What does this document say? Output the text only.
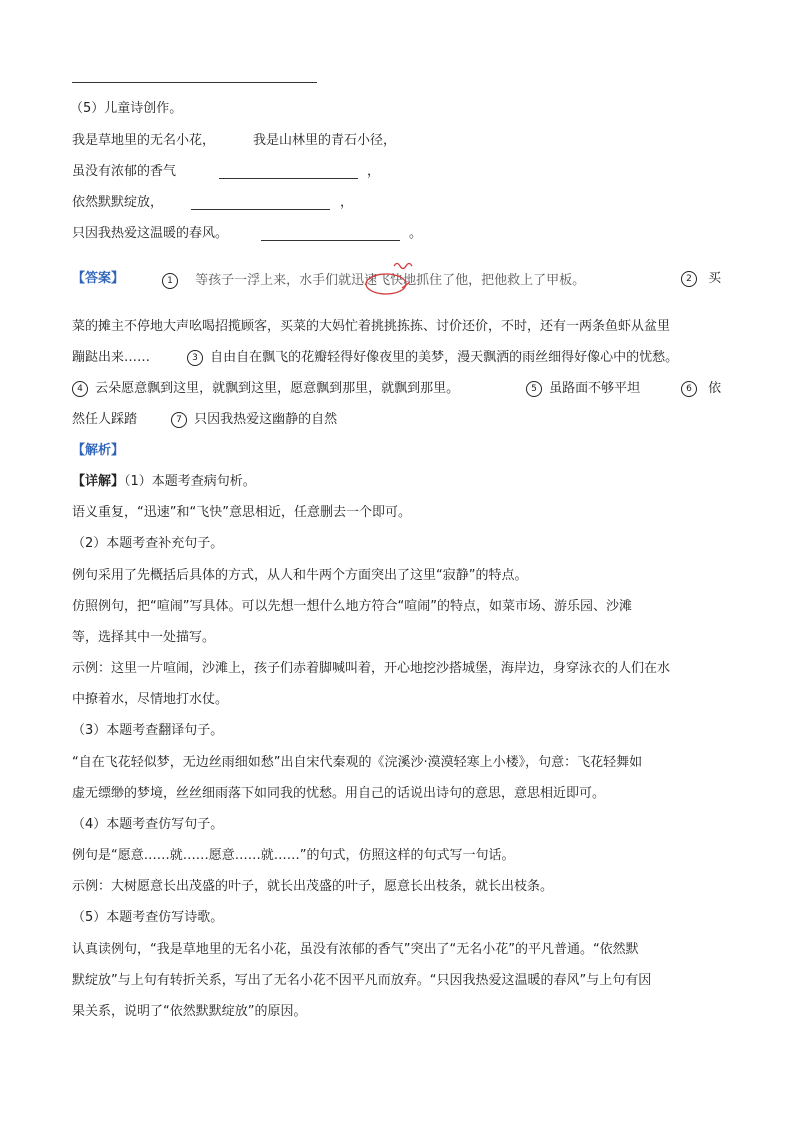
（5）儿童诗创作。
我是草地里的无名小花，	我是山林里的青石小径，
虽没有浓郁的香气	，
依然默默绽放，	，
只因我热爱这温暖的春风。	。
【答案】	1 等孩子一浮上来，水手们就迅速飞快地抓住了他，把他救上了甲板。	2 买
菜的摊主不停地大声吆喝招揽顾客，买菜的大妈忙着挑挑拣拣、讨价还价，不时，还有一两条鱼虾从盆里
蹦跶出来……	3 自由自在飘飞的花瓣轻得好像夜里的美梦，漫天飘洒的雨丝细得好像心中的忧愁。
4 云朵愿意飘到这里，就飘到这里，愿意飘到那里，就飘到那里。	5 虽路面不够平坦	6 依
然任人踩踏	7 只因我热爱这幽静的自然
【解析】
【详解】（1）本题考查病句析。
语义重复，“迅速”和“飞快”意思相近，任意删去一个即可。
（2）本题考查补充句子。
例句采用了先概括后具体的方式，从人和牛两个方面突出了这里“寂静”的特点。
仿照例句，把“喧闹”写具体。可以先想一想什么地方符合“喧闹”的特点，如菜市场、游乐园、沙滩
等，选择其中一处描写。
示例：这里一片喧闹，沙滩上，孩子们赤着脚喊叫着，开心地挖沙搭城堡，海岸边，身穿泳衣的人们在水
中撩着水，尽情地打水仗。
（3）本题考查翻译句子。
“自在飞花轻似梦，无边丝雨细如愁”出自宋代秦观的《浣溪沙·漠漠轻寒上小楼》，句意：飞花轻舞如
虚无缥缈的梦境，丝丝细雨落下如同我的忧愁。用自己的话说出诗句的意思，意思相近即可。
（4）本题考查仿写句子。
例句是“愿意……就……愿意……就……”的句式，仿照这样的句式写一句话。
示例：大树愿意长出茂盛的叶子，就长出茂盛的叶子，愿意长出枝条，就长出枝条。
（5）本题考查仿写诗歌。
认真读例句，“我是草地里的无名小花，虽没有浓郁的香气”突出了“无名小花”的平凡普通。“依然默
默绽放”与上句有转折关系，写出了无名小花不因平凡而放弃。“只因我热爱这温暖的春风”与上句有因
果关系，说明了“依然默默绽放”的原因。
